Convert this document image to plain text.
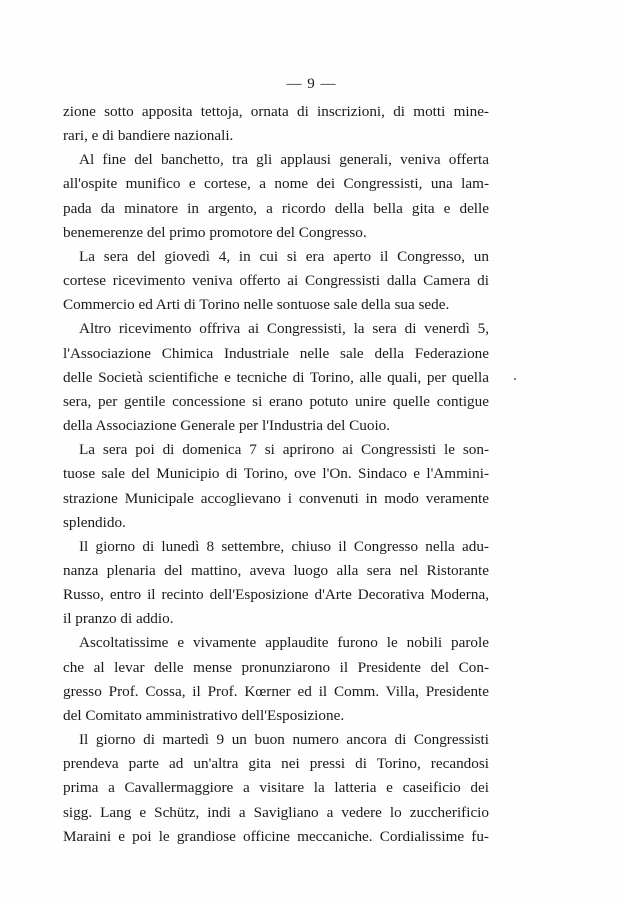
— 9 —

zione sotto apposita tettoja, ornata di inscrizioni, di motti mine-
rari, e di bandiere nazionali.

Al fine del banchetto, tra gli applausi generali, veniva offerta
all'ospite munifico e cortese, a nome dei Congressisti, una lam-
pada da minatore in argento, a ricordo della bella gita e delle
benemerenze del primo promotore del Congresso.

La sera del giovedì 4, in cui si era aperto il Congresso, un
cortese ricevimento veniva offerto ai Congressisti dalla Camera di
Commercio ed Arti di Torino nelle sontuose sale della sua sede.

Altro ricevimento offriva ai Congressisti, la sera di venerdì 5,
l'Associazione Chimica Industriale nelle sale della Federazione
delle Società scientifiche e tecniche di Torino, alle quali, per quella
sera, per gentile concessione si erano potuto unire quelle contigue
della Associazione Generale per l'Industria del Cuoio.

La sera poi di domenica 7 si aprirono ai Congressisti le son-
tuose sale del Municipio di Torino, ove l'On. Sindaco e l'Ammini-
strazione Municipale accoglievano i convenuti in modo veramente
splendido.

Il giorno di lunedì 8 settembre, chiuso il Congresso nella adu-
nanza plenaria del mattino, aveva luogo alla sera nel Ristorante
Russo, entro il recinto dell'Esposizione d'Arte Decorativa Moderna,
il pranzo di addio.

Ascoltatissime e vivamente applaudite furono le nobili parole
che al levar delle mense pronunziarono il Presidente del Con-
gresso Prof. Cossa, il Prof. Kœrner ed il Comm. Villa, Presidente
del Comitato amministrativo dell'Esposizione.

Il giorno di martedì 9 un buon numero ancora di Congressisti
prendeva parte ad un'altra gita nei pressi di Torino, recandosi
prima a Cavallermaggiore a visitare la latteria e caseificio dei
sigg. Lang e Schütz, indi a Savigliano a vedere lo zuccherificio
Maraini e poi le grandiose officine meccaniche. Cordialissime fu-
